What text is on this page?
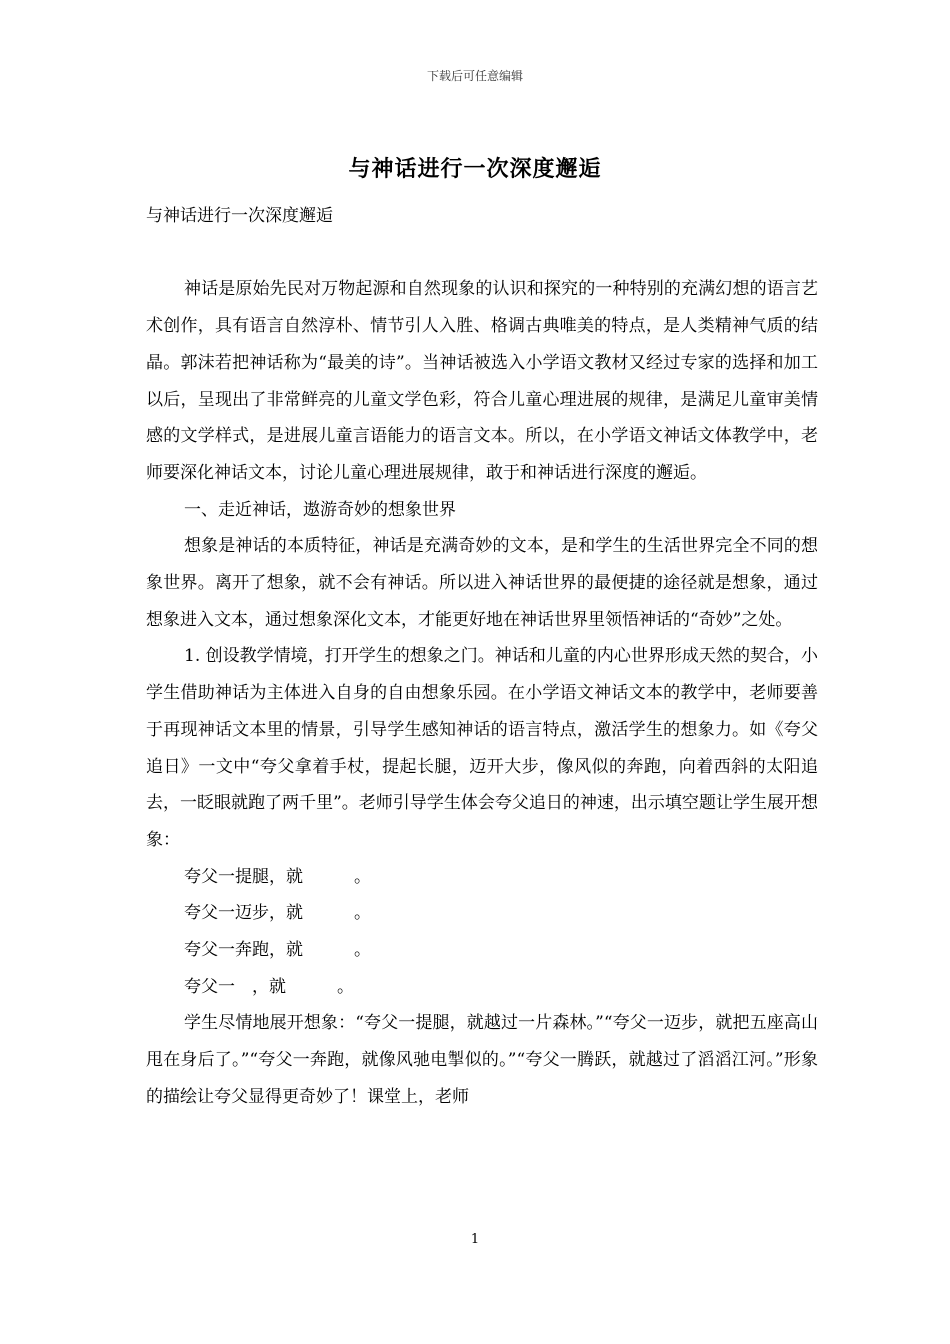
下载后可任意编辑
与神话进行一次深度邂逅

与神话进行一次深度邂逅

神话是原始先民对万物起源和自然现象的认识和探究的一种特别的充满幻想的语言艺术创作，具有语言自然淳朴、情节引人入胜、格调古典唯美的特点，是人类精神气质的结晶。郭沫若把神话称为“最美的诗”。当神话被选入小学语文教材又经过专家的选择和加工以后，呈现出了非常鲜亮的儿童文学色彩，符合儿童心理进展的规律，是满足儿童审美情感的文学样式，是进展儿童言语能力的语言文本。所以，在小学语文神话文体教学中，老师要深化神话文本，讨论儿童心理进展规律，敢于和神话进行深度的邂逅。

一、走近神话，遨游奇妙的想象世界

想象是神话的本质特征，神话是充满奇妙的文本，是和学生的生活世界完全不同的想象世界。离开了想象，就不会有神话。所以进入神话世界的最便捷的途径就是想象，通过想象进入文本，通过想象深化文本，才能更好地在神话世界里领悟神话的“奇妙”之处。

1. 创设教学情境，打开学生的想象之门。神话和儿童的内心世界形成天然的契合，小学生借助神话为主体进入自身的自由想象乐园。在小学语文神话文本的教学中，老师要善于再现神话文本里的情景，引导学生感知神话的语言特点，激活学生的想象力。如《夸父追日》一文中“夸父拿着手杖，提起长腿，迈开大步，像风似的奔跑，向着西斜的太阳追去，一眨眼就跑了两千里”。老师引导学生体会夸父追日的神速，出示填空题让学生展开想象：

夸父一提腿，就　　　。

夸父一迈步，就　　　。

夸父一奔跑，就　　　。

夸父一　，就　　　。

学生尽情地展开想象：“夸父一提腿，就越过一片森林。”“夸父一迈步，就把五座高山甩在身后了。”“夸父一奔跑，就像风驰电掣似的。”“夸父一腾跃，就越过了滔滔江河。”形象的描绘让夸父显得更奇妙了！课堂上，老师

1
